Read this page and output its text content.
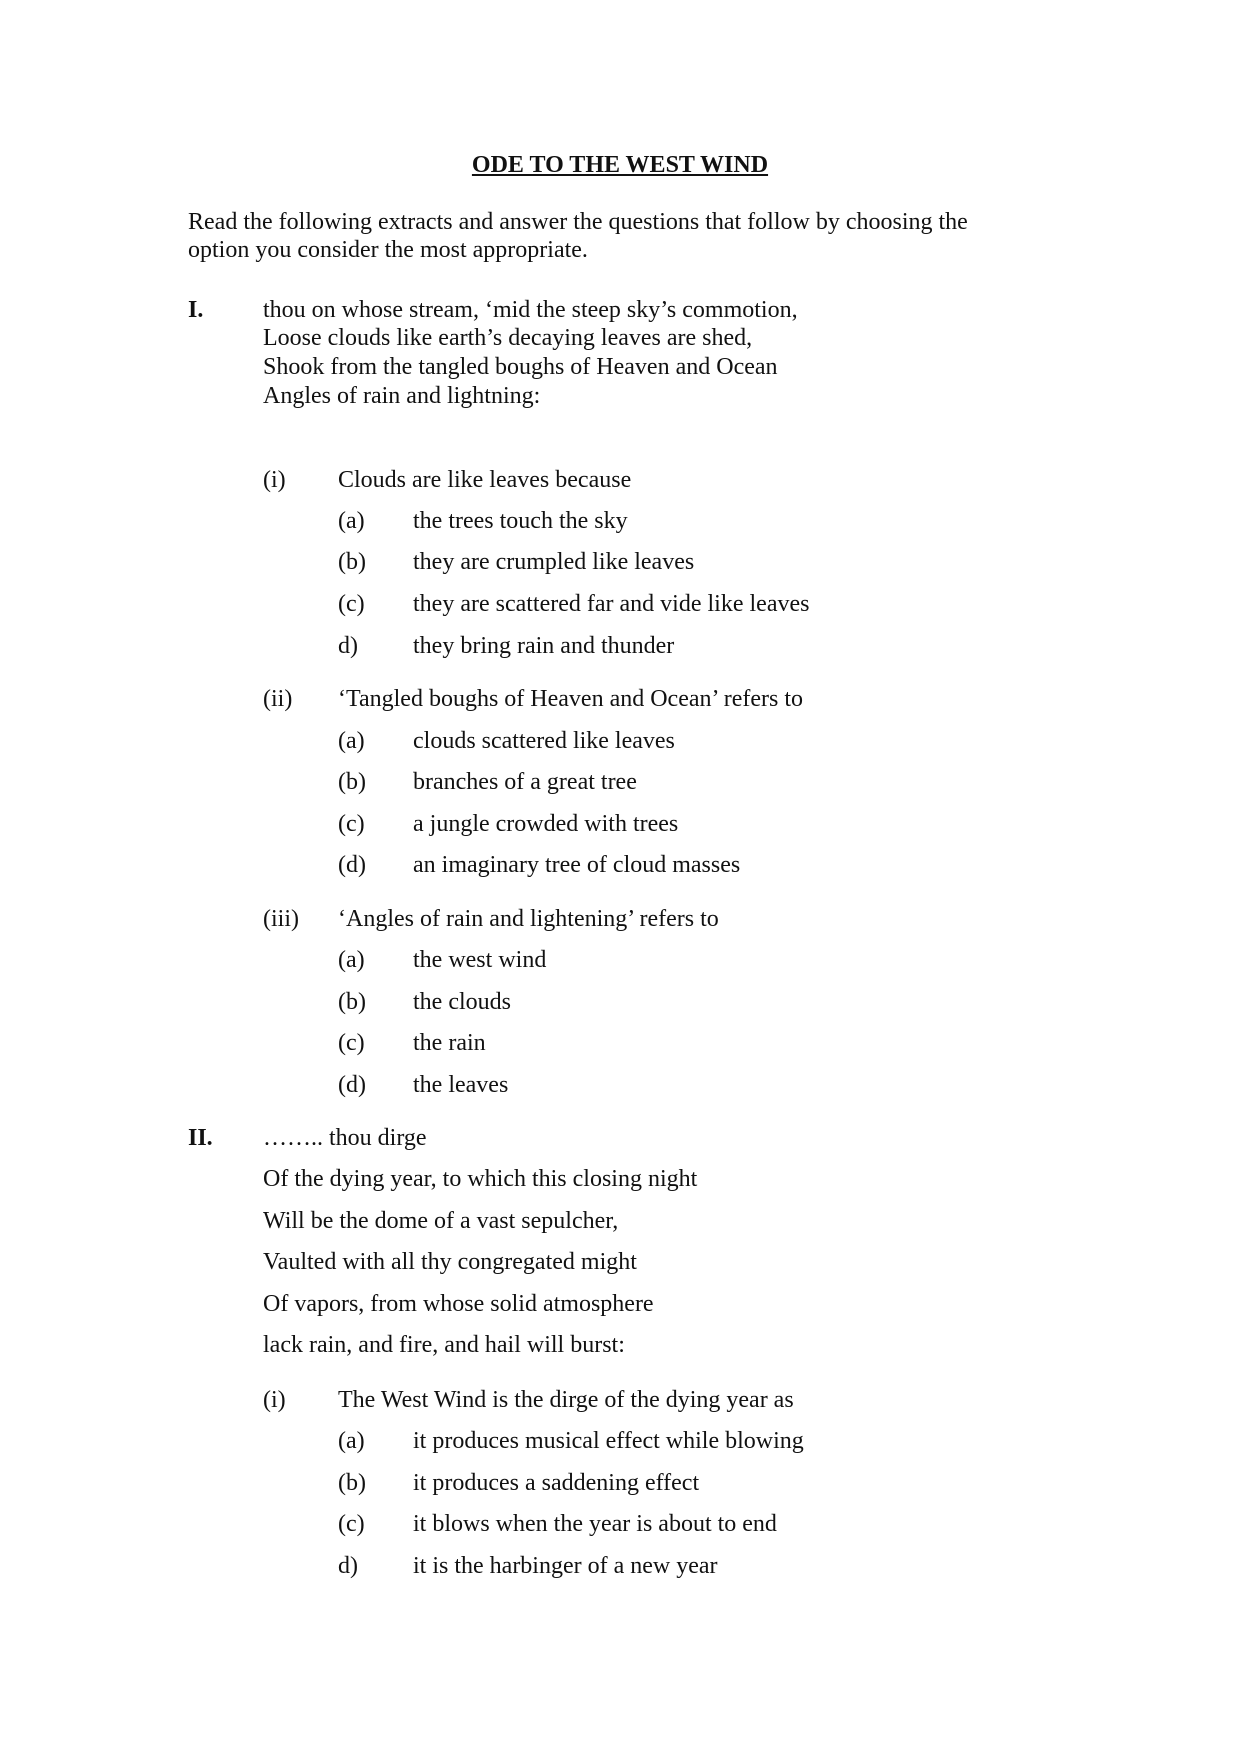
ODE TO THE WEST WIND
Read the following extracts and answer the questions that follow by choosing the
option you consider the most appropriate.
I. thou on whose stream, ‘mid the steep sky’s commotion,
Loose clouds like earth’s decaying leaves are shed,
Shook from the tangled boughs of Heaven and Ocean
Angles of rain and lightning:
(i) Clouds are like leaves because
(a) the trees touch the sky
(b) they are crumpled like leaves
(c) they are scattered far and vide like leaves
d) they bring rain and thunder
(ii) ‘Tangled boughs of Heaven and Ocean’ refers to
(a) clouds scattered like leaves
(b) branches of a great tree
(c) a jungle crowded with trees
(d) an imaginary tree of cloud masses
(iii) ‘Angles of rain and lightening’ refers to
(a) the west wind
(b) the clouds
(c) the rain
(d) the leaves
II. …….. thou dirge
Of the dying year, to which this closing night
Will be the dome of a vast sepulcher,
Vaulted with all thy congregated might
Of vapors, from whose solid atmosphere
lack rain, and fire, and hail will burst:
(i) The West Wind is the dirge of the dying year as
(a) it produces musical effect while blowing
(b) it produces a saddening effect
(c) it blows when the year is about to end
d) it is the harbinger of a new year
